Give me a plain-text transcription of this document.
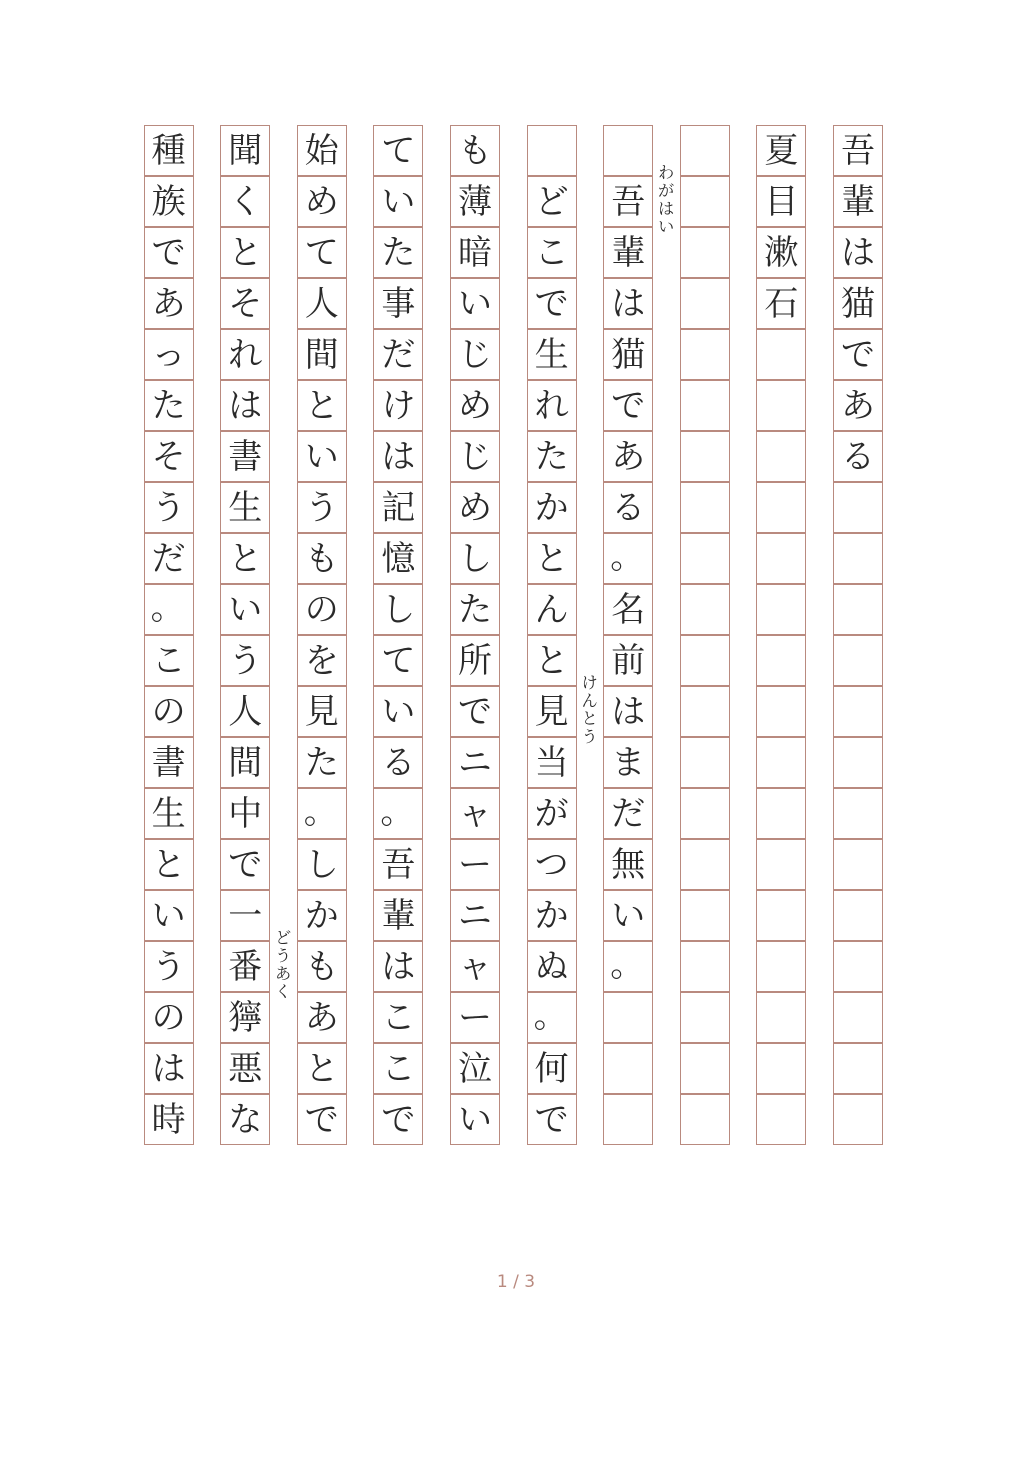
吾
輩
は
猫
で
あ
る
夏
目
漱
石
吾
輩
は
猫
で
あ
る
。
名
前
は
ま
だ
無
い
。
ど
こ
で
生
れ
た
か
と
ん
と
見
当
が
つ
か
ぬ
。
何
で
も
薄
暗
い
じ
め
じ
め
し
た
所
で
ニ
ャ
ー
ニ
ャ
ー
泣
い
て
い
た
事
だ
け
は
記
憶
し
て
い
る
。
吾
輩
は
こ
こ
で
始
め
て
人
間
と
い
う
も
の
を
見
た
。
し
か
も
あ
と
で
聞
く
と
そ
れ
は
書
生
と
い
う
人
間
中
で
一
番
獰
悪
な
種
族
で
あ
っ
た
そ
う
だ
。
こ
の
書
生
と
い
う
の
は
時
わがはい
けんとう
どうあく
1 / 3
